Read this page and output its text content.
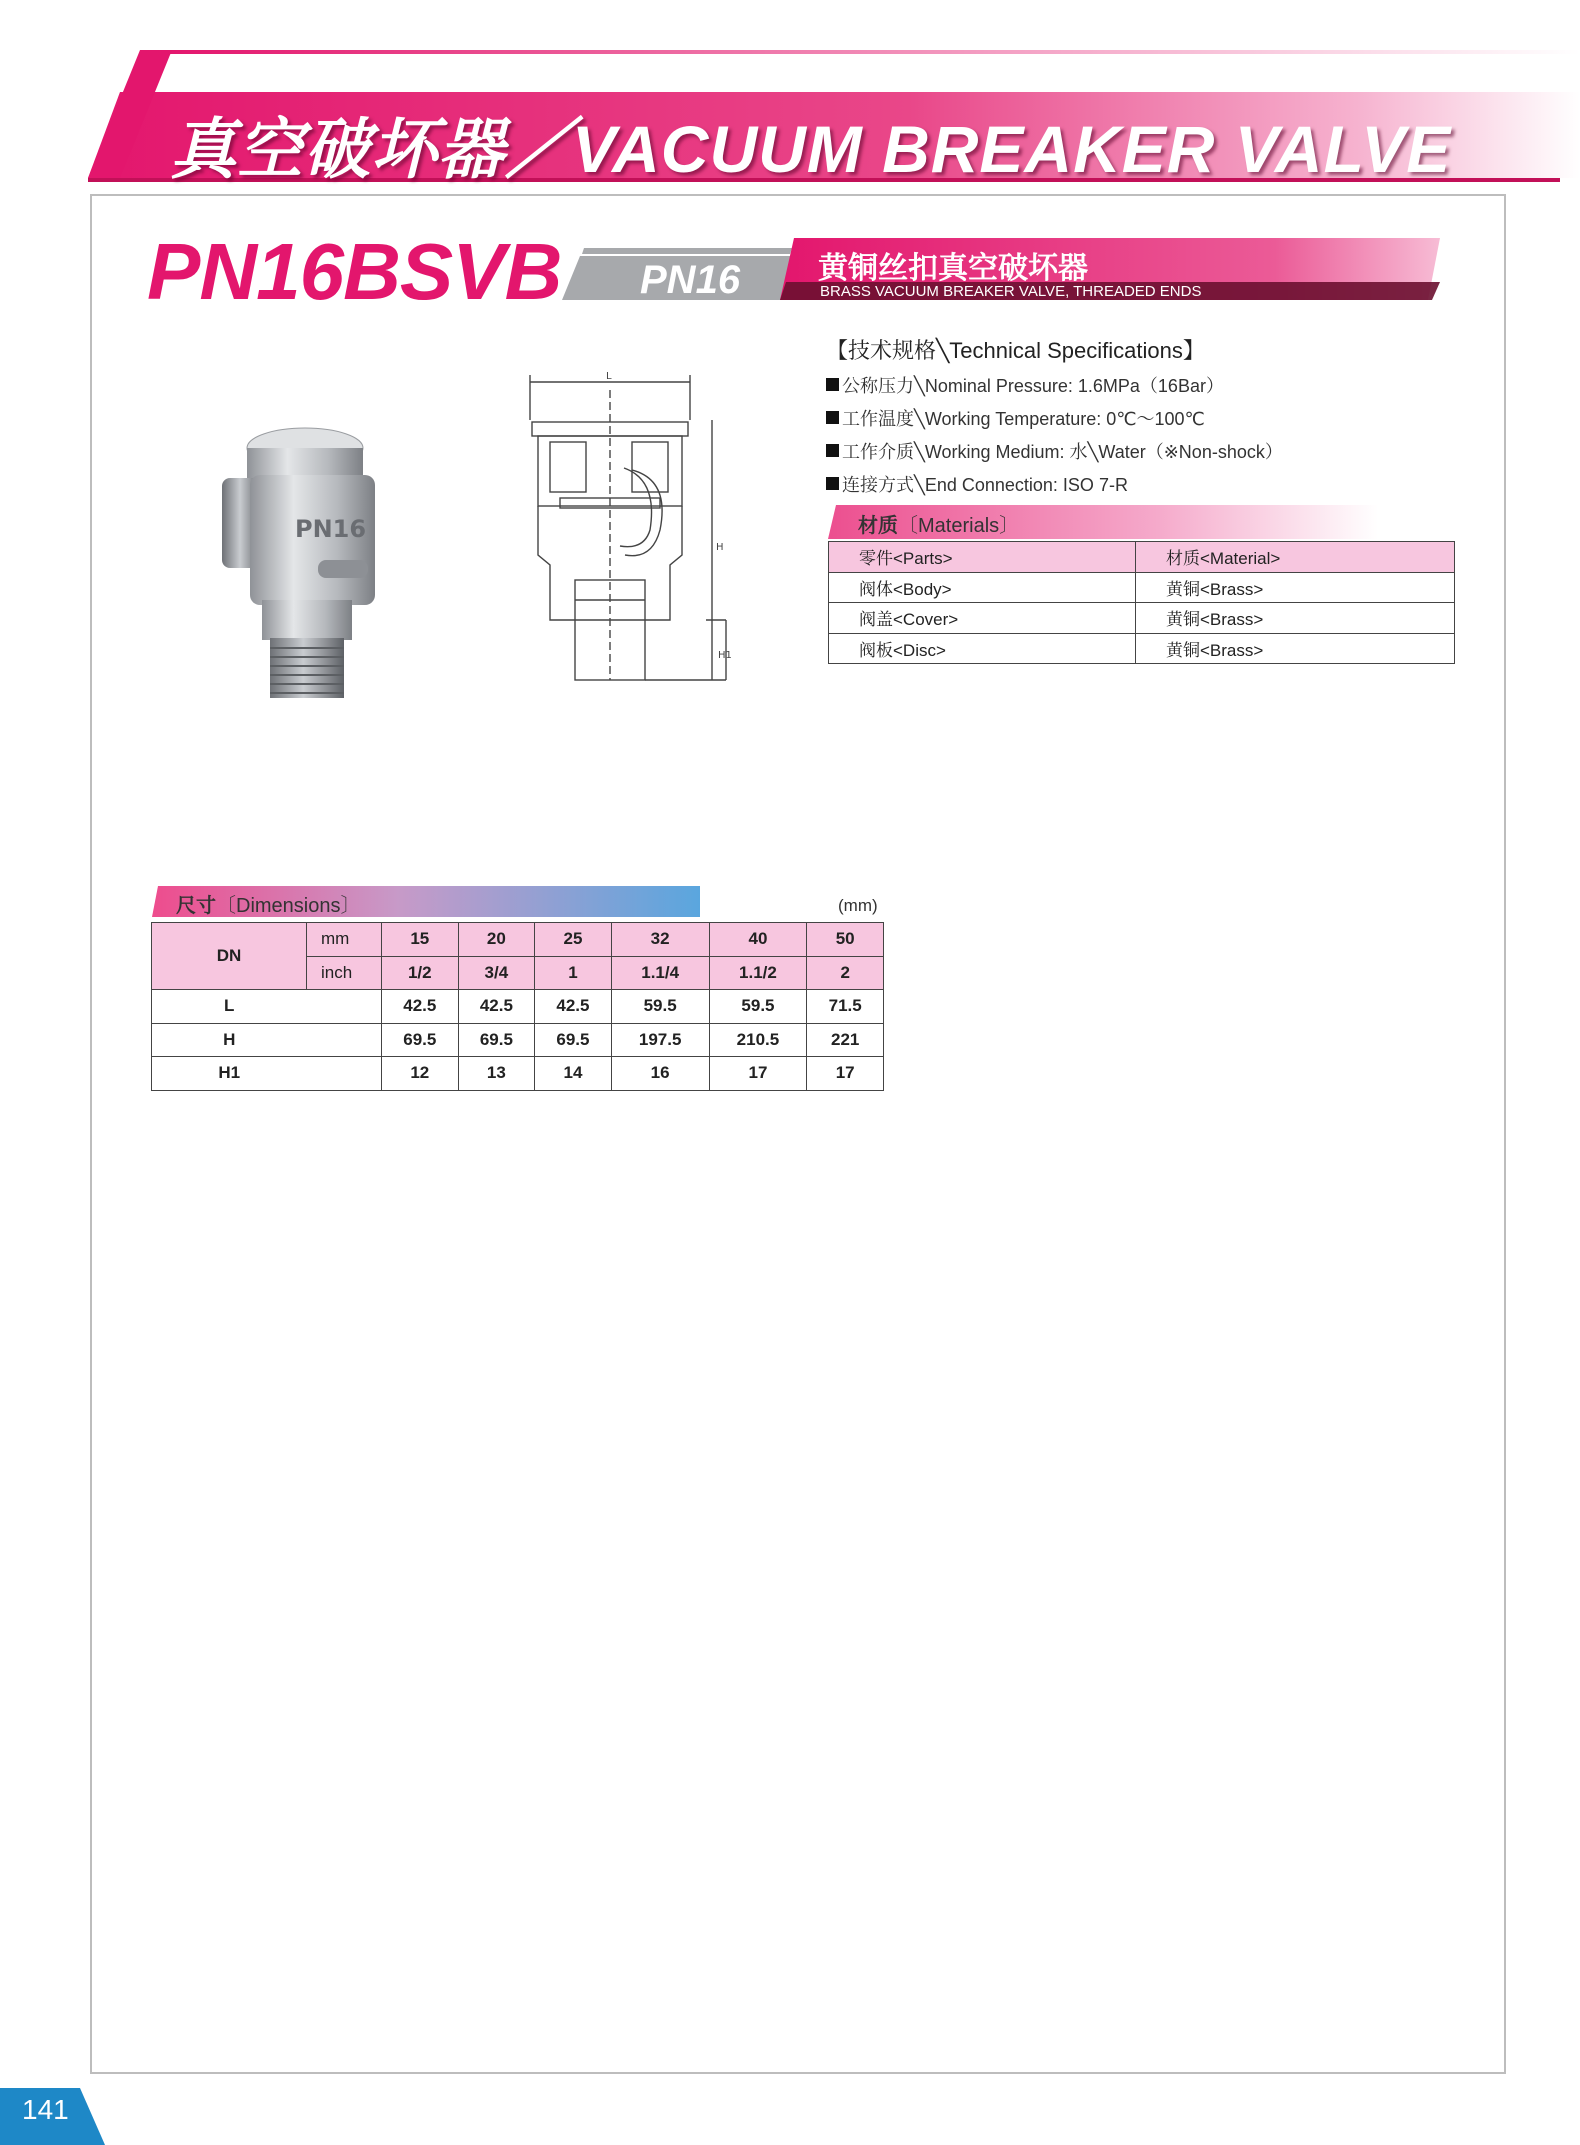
真空破坏器／VACUUM BREAKER VALVE
PN16BSVB PN16	黄铜丝扣真空破坏器
BRASS VACUUM BREAKER VALVE, THREADED ENDS
PN16
L
H
H1
【技术规格╲Technical Specifications】
公称压力╲Nominal Pressure: 1.6MPa（16Bar）
工作温度╲Working Temperature: 0℃～100℃
工作介质╲Working Medium: 水╲Water（※Non-shock）
连接方式╲End Connection: ISO 7-R
材质〔Materials〕
零件<Parts>	材质<Material>
阀体<Body>	黄铜<Brass>
阀盖<Cover>	黄铜<Brass>
阀板<Disc>	黄铜<Brass>
尺寸〔Dimensions〕	(mm)
DN	mm	15	20	25	32	40	50
	inch	1/2	3/4	1	1.1/4	1.1/2	2
L		42.5	42.5	42.5	59.5	59.5	71.5
H		69.5	69.5	69.5	197.5	210.5	221
H1		12	13	14	16	17	17
141
